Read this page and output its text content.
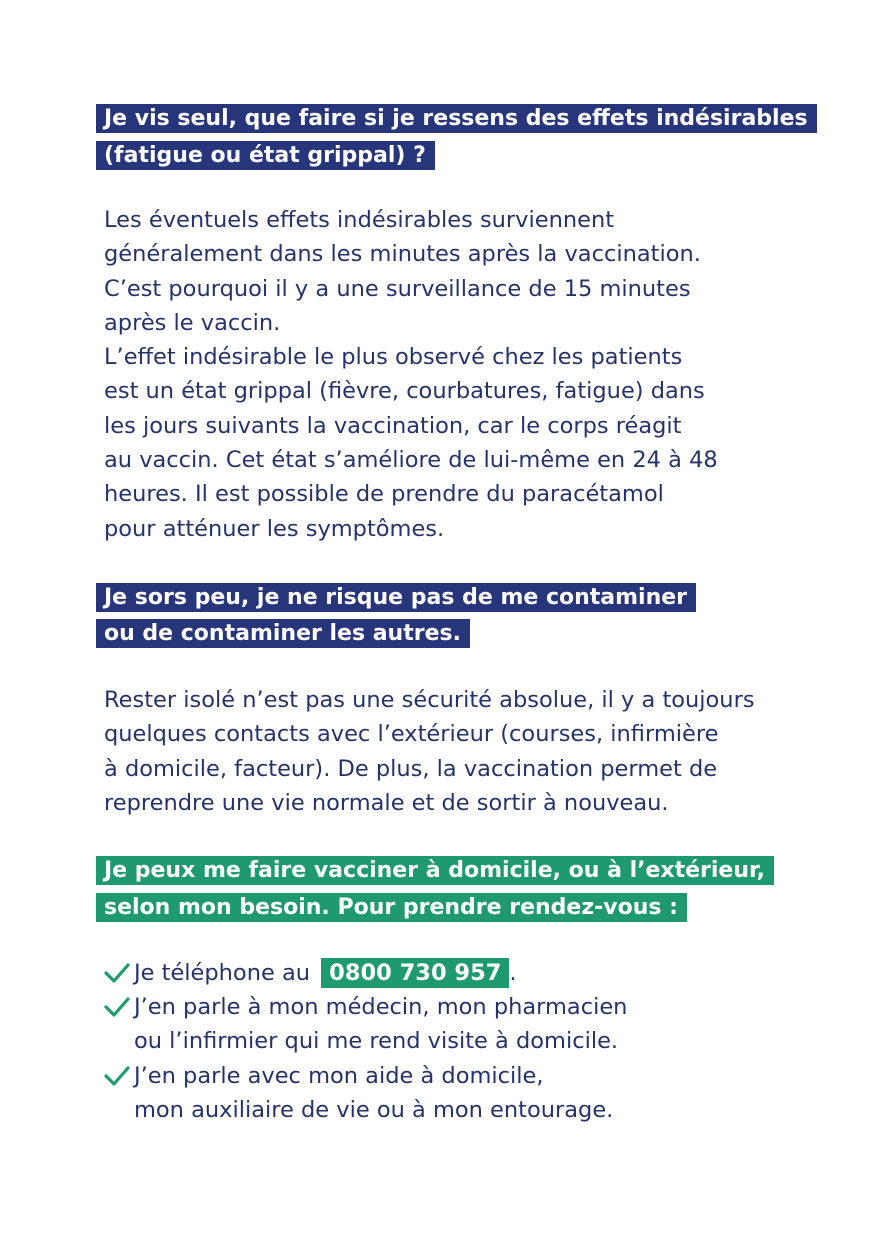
Je vis seul, que faire si je ressens des effets indésirables
(fatigue ou état grippal) ?
Les éventuels effets indésirables surviennent
généralement dans les minutes après la vaccination.
C’est pourquoi il y a une surveillance de 15 minutes
après le vaccin.
L’effet indésirable le plus observé chez les patients
est un état grippal (fièvre, courbatures, fatigue) dans
les jours suivants la vaccination, car le corps réagit
au vaccin. Cet état s’améliore de lui-même en 24 à 48
heures. Il est possible de prendre du paracétamol
pour atténuer les symptômes.
Je sors peu, je ne risque pas de me contaminer
ou de contaminer les autres.
Rester isolé n’est pas une sécurité absolue, il y a toujours
quelques contacts avec l’extérieur (courses, infirmière
à domicile, facteur). De plus, la vaccination permet de
reprendre une vie normale et de sortir à nouveau.
Je peux me faire vacciner à domicile, ou à l’extérieur,
selon mon besoin. Pour prendre rendez-vous :
Je téléphone au 0800 730 957 .
J’en parle à mon médecin, mon pharmacien
ou l’infirmier qui me rend visite à domicile.
J’en parle avec mon aide à domicile,
mon auxiliaire de vie ou à mon entourage.
